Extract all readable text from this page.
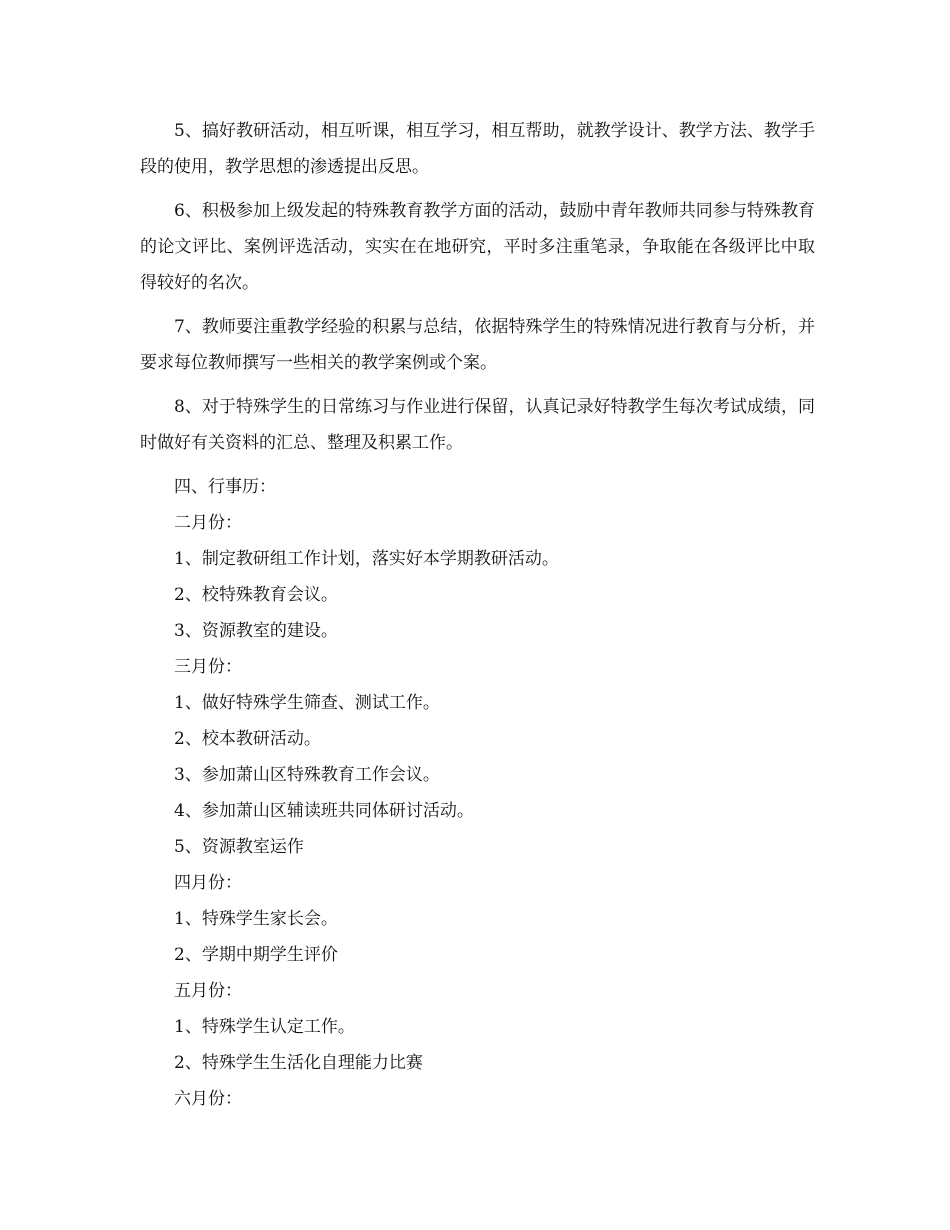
5、搞好教研活动，相互听课，相互学习，相互帮助，就教学设计、教学方法、教学手段的使用，教学思想的渗透提出反思。

6、积极参加上级发起的特殊教育教学方面的活动，鼓励中青年教师共同参与特殊教育的论文评比、案例评选活动，实实在在地研究，平时多注重笔录，争取能在各级评比中取得较好的名次。

7、教师要注重教学经验的积累与总结，依据特殊学生的特殊情况进行教育与分析，并要求每位教师撰写一些相关的教学案例或个案。

8、对于特殊学生的日常练习与作业进行保留，认真记录好特教学生每次考试成绩，同时做好有关资料的汇总、整理及积累工作。

四、行事历：
二月份：
1、制定教研组工作计划，落实好本学期教研活动。
2、校特殊教育会议。
3、资源教室的建设。
三月份：
1、做好特殊学生筛查、测试工作。
2、校本教研活动。
3、参加萧山区特殊教育工作会议。
4、参加萧山区辅读班共同体研讨活动。
5、资源教室运作
四月份：
1、特殊学生家长会。
2、学期中期学生评价
五月份：
1、特殊学生认定工作。
2、特殊学生生活化自理能力比赛
六月份：
